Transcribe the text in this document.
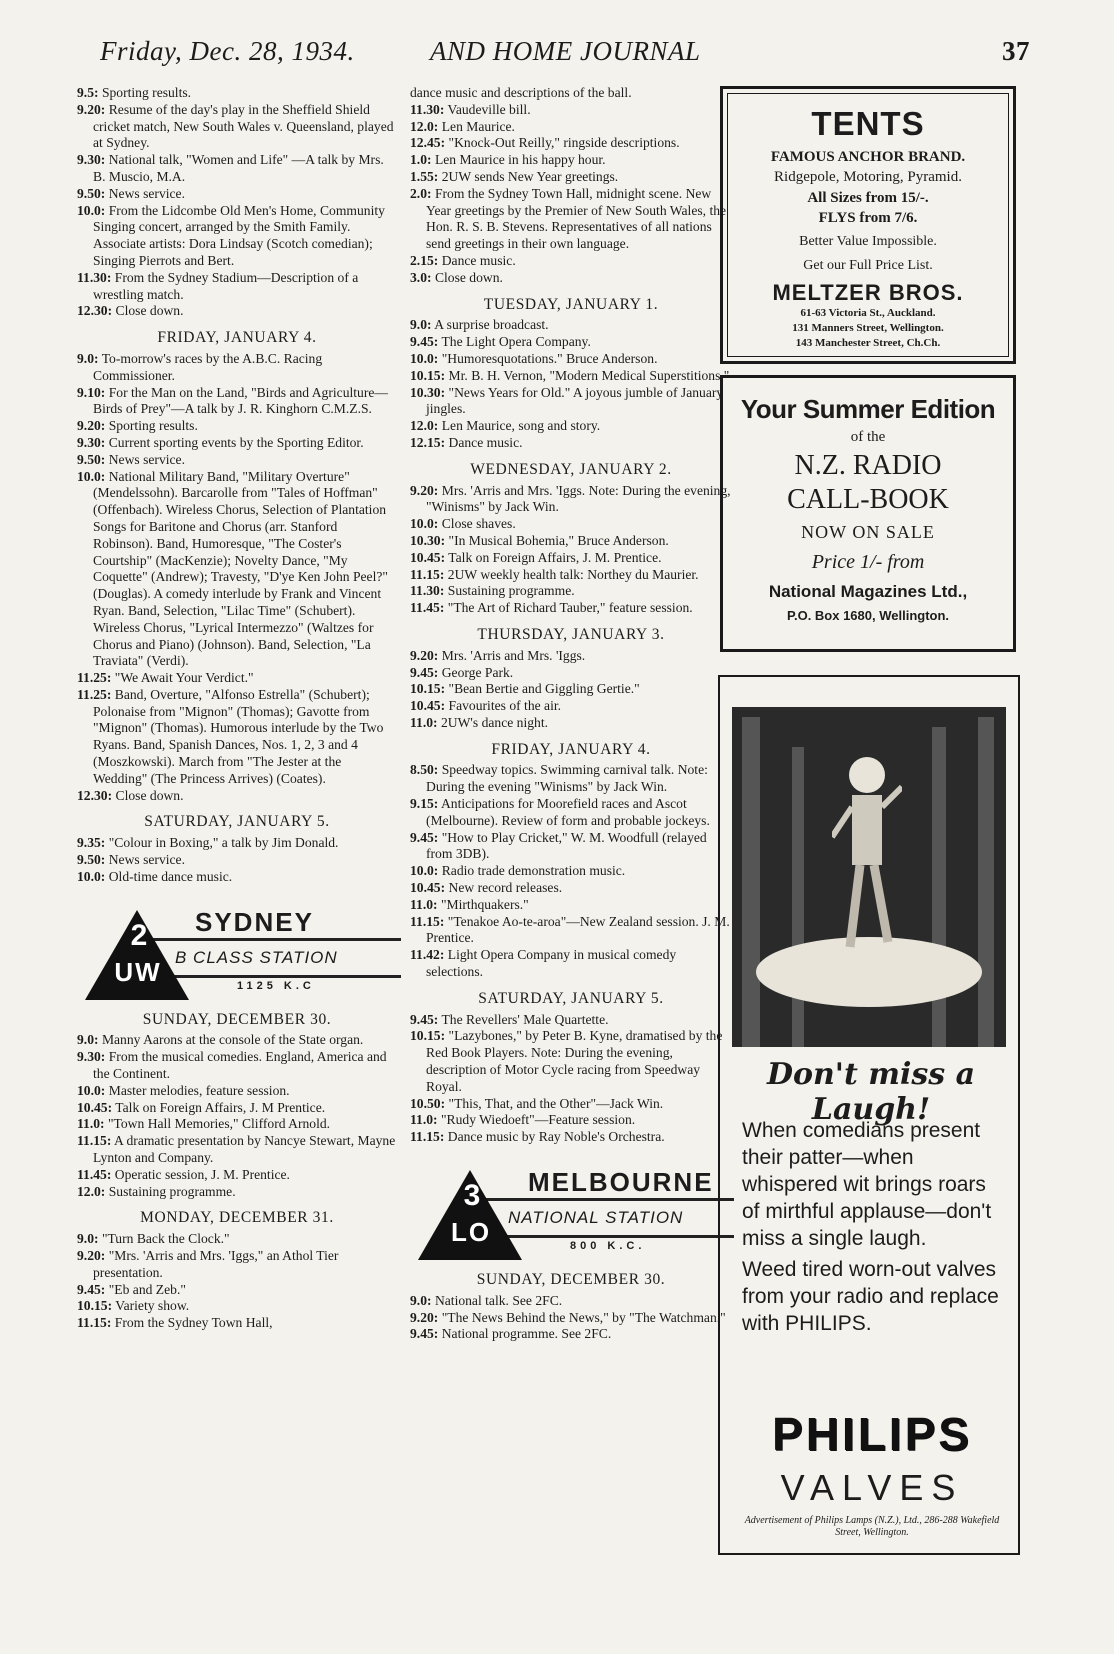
Friday, Dec. 28, 1934.	AND HOME JOURNAL	37

9.5: Sporting results.

9.20: Resume of the day's play in the Sheffield Shield cricket match, New South Wales v. Queensland, played at Sydney.

9.30: National talk, "Women and Life" —A talk by Mrs. B. Muscio, M.A.

9.50: News service.

10.0: From the Lidcombe Old Men's Home, Community Singing concert, arranged by the Smith Family. Associate artists: Dora Lindsay (Scotch comedian); Singing Pierrots and Bert.

11.30: From the Sydney Stadium—Description of a wrestling match.

12.30: Close down.

FRIDAY, JANUARY 4.

9.0: To-morrow's races by the A.B.C. Racing Commissioner.

9.10: For the Man on the Land, "Birds and Agriculture—Birds of Prey"—A talk by J. R. Kinghorn C.M.Z.S.

9.20: Sporting results.

9.30: Current sporting events by the Sporting Editor.

9.50: News service.

10.0: National Military Band, "Military Overture" (Mendelssohn). Barcarolle from "Tales of Hoffman" (Offenbach). Wireless Chorus, Selection of Plantation Songs for Baritone and Chorus (arr. Stanford Robinson). Band, Humoresque, "The Coster's Courtship" (MacKenzie); Novelty Dance, "My Coquette" (Andrew); Travesty, "D'ye Ken John Peel?" (Douglas). A comedy interlude by Frank and Vincent Ryan. Band, Selection, "Lilac Time" (Schubert). Wireless Chorus, "Lyrical Intermezzo" (Waltzes for Chorus and Piano) (Johnson). Band, Selection, "La Traviata" (Verdi).

11.25: "We Await Your Verdict."

11.25: Band, Overture, "Alfonso Estrella" (Schubert); Polonaise from "Mignon" (Thomas); Gavotte from "Mignon" (Thomas). Humorous interlude by the Two Ryans. Band, Spanish Dances, Nos. 1, 2, 3 and 4 (Moszkowski). March from "The Jester at the Wedding" (The Princess Arrives) (Coates).

12.30: Close down.

SATURDAY, JANUARY 5.

9.35: "Colour in Boxing," a talk by Jim Donald.

9.50: News service.

10.0: Old-time dance music.

2
UW
SYDNEY
B CLASS STATION
1125 K.C
SUNDAY, DECEMBER 30.

9.0: Manny Aarons at the console of the State organ.

9.30: From the musical comedies. England, America and the Continent.

10.0: Master melodies, feature session.

10.45: Talk on Foreign Affairs, J. M Prentice.

11.0: "Town Hall Memories," Clifford Arnold.

11.15: A dramatic presentation by Nancye Stewart, Mayne Lynton and Company.

11.45: Operatic session, J. M. Prentice.

12.0: Sustaining programme.

MONDAY, DECEMBER 31.

9.0: "Turn Back the Clock."

9.20: "Mrs. 'Arris and Mrs. 'Iggs," an Athol Tier presentation.

9.45: "Eb and Zeb."

10.15: Variety show.

11.15: From the Sydney Town Hall,

dance music and descriptions of the ball.

11.30: Vaudeville bill.

12.0: Len Maurice.

12.45: "Knock-Out Reilly," ringside descriptions.

1.0: Len Maurice in his happy hour.

1.55: 2UW sends New Year greetings.

2.0: From the Sydney Town Hall, midnight scene. New Year greetings by the Premier of New South Wales, the Hon. R. S. B. Stevens. Representatives of all nations send greetings in their own language.

2.15: Dance music.

3.0: Close down.

TUESDAY, JANUARY 1.

9.0: A surprise broadcast.

9.45: The Light Opera Company.

10.0: "Humoresquotations." Bruce Anderson.

10.15: Mr. B. H. Vernon, "Modern Medical Superstitions."

10.30: "News Years for Old." A joyous jumble of January jingles.

12.0: Len Maurice, song and story.

12.15: Dance music.

WEDNESDAY, JANUARY 2.

9.20: Mrs. 'Arris and Mrs. 'Iggs. Note: During the evening, "Winisms" by Jack Win.

10.0: Close shaves.

10.30: "In Musical Bohemia," Bruce Anderson.

10.45: Talk on Foreign Affairs, J. M. Prentice.

11.15: 2UW weekly health talk: Northey du Maurier.

11.30: Sustaining programme.

11.45: "The Art of Richard Tauber," feature session.

THURSDAY, JANUARY 3.

9.20: Mrs. 'Arris and Mrs. 'Iggs.

9.45: George Park.

10.15: "Bean Bertie and Giggling Gertie."

10.45: Favourites of the air.

11.0: 2UW's dance night.

FRIDAY, JANUARY 4.

8.50: Speedway topics. Swimming carnival talk. Note: During the evening "Winisms" by Jack Win.

9.15: Anticipations for Moorefield races and Ascot (Melbourne). Review of form and probable jockeys.

9.45: "How to Play Cricket," W. M. Woodfull (relayed from 3DB).

10.0: Radio trade demonstration music.

10.45: New record releases.

11.0: "Mirthquakers."

11.15: "Tenakoe Ao-te-aroa"—New Zealand session. J. M. Prentice.

11.42: Light Opera Company in musical comedy selections.

SATURDAY, JANUARY 5.

9.45: The Revellers' Male Quartette.

10.15: "Lazybones," by Peter B. Kyne, dramatised by the Red Book Players. Note: During the evening, description of Motor Cycle racing from Speedway Royal.

10.50: "This, That, and the Other"—Jack Win.

11.0: "Rudy Wiedoeft"—Feature session.

11.15: Dance music by Ray Noble's Orchestra.

3
LO
MELBOURNE
NATIONAL STATION
800 K.C.
SUNDAY, DECEMBER 30.

9.0: National talk. See 2FC.

9.20: "The News Behind the News," by "The Watchman."

9.45: National programme. See 2FC.

TENTS
FAMOUS ANCHOR BRAND.
Ridgepole, Motoring, Pyramid.
All Sizes from 15/-.
FLYS from 7/6.
Better Value Impossible.
Get our Full Price List.
MELTZER BROS.
61-63 Victoria St., Auckland.
131 Manners Street, Wellington.
143 Manchester Street, Ch.Ch.
Your Summer Edition
of the
N.Z. RADIO
CALL-BOOK
NOW ON SALE
Price 1/- from
National Magazines Ltd.,
P.O. Box 1680, Wellington.
Don't miss a Laugh!

When comedians present their patter—when whispered wit brings roars of mirthful applause—don't miss a single laugh.

Weed tired worn-out valves from your radio and replace with PHILIPS.

PHILIPS
VALVES
Advertisement of Philips Lamps (N.Z.), Ltd., 286-288 Wakefield Street, Wellington.
